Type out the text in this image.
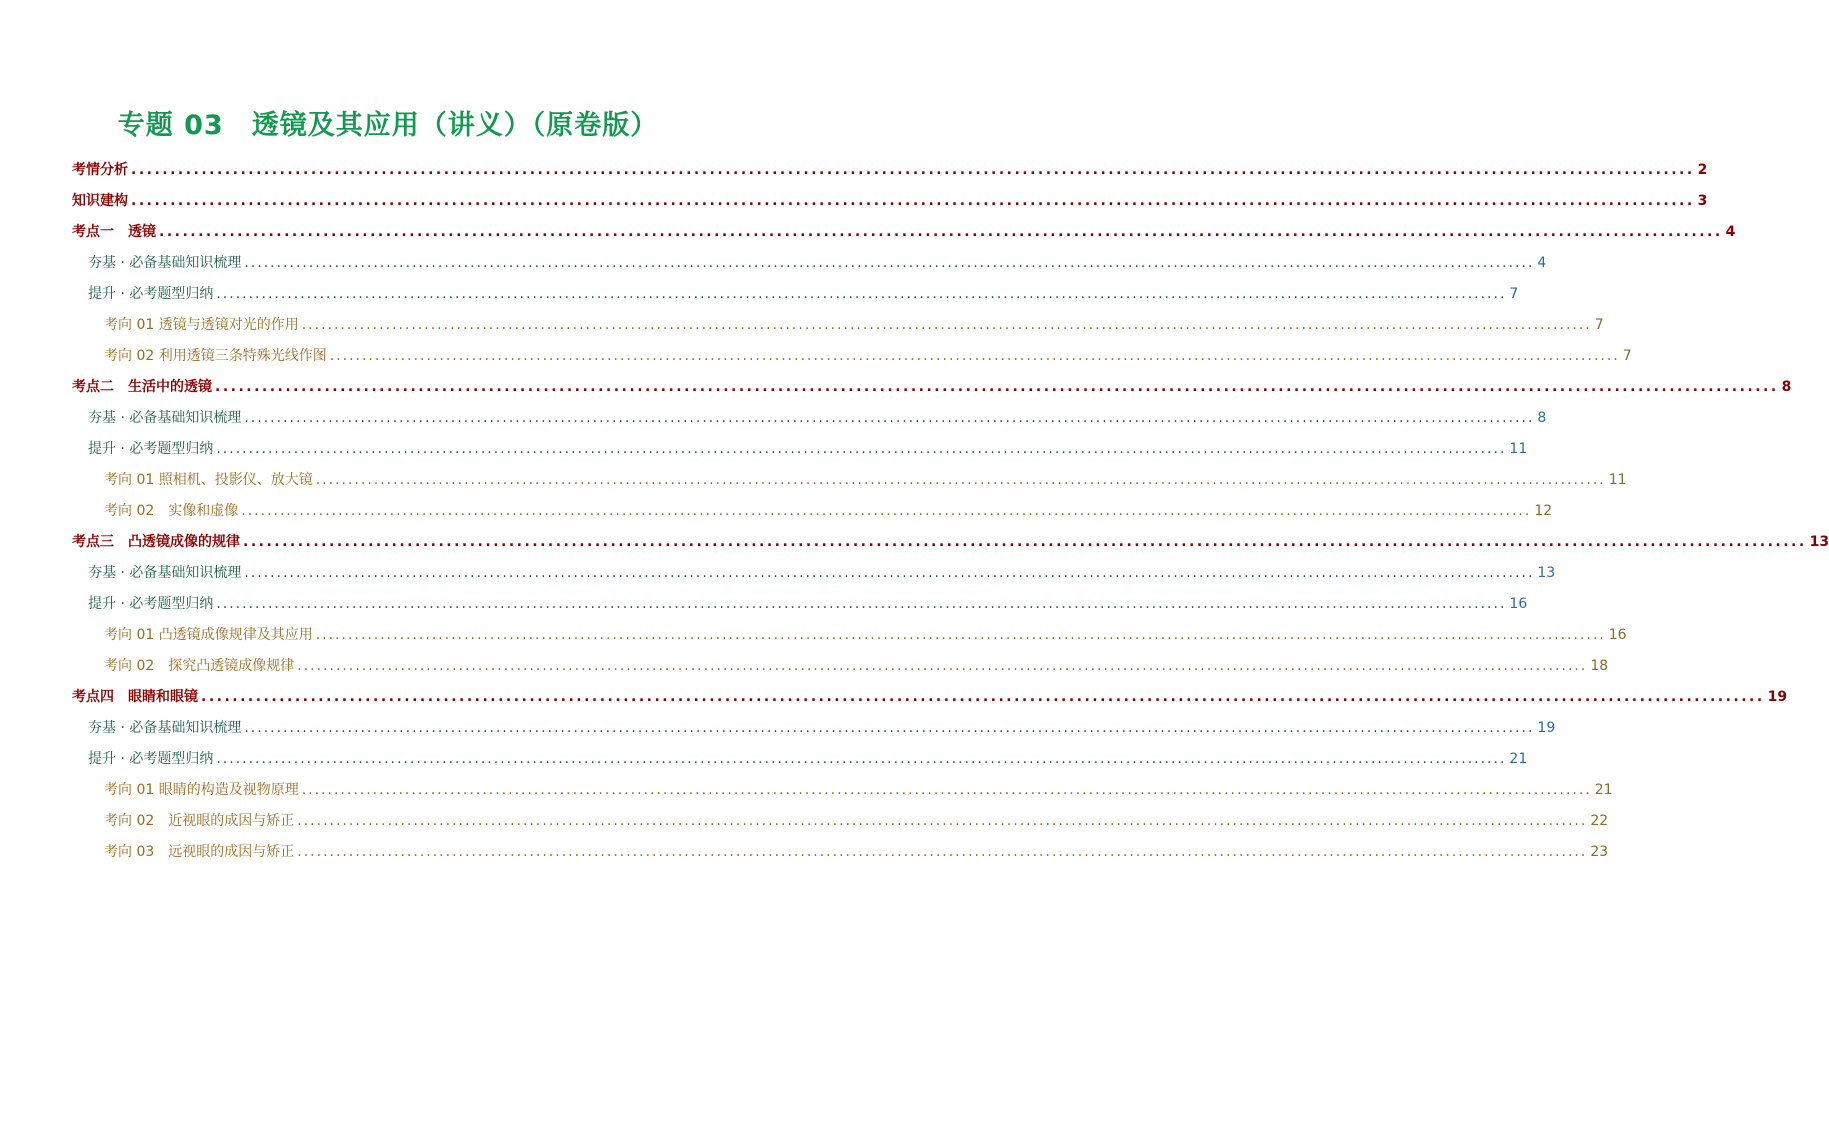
专题 03　透镜及其应用（讲义）（原卷版）
考情分析 ........................................................................................................................................................................................................ 2
知识建构 ........................................................................................................................................................................................................ 3
考点一　透镜 ........................................................................................................................................................................................................ 4
夯基 · 必备基础知识梳理 ........................................................................................................................................................................................................ 4
提升 · 必考题型归纳 ........................................................................................................................................................................................................ 7
考向 01 透镜与透镜对光的作用 ........................................................................................................................................................................................................ 7
考向 02 利用透镜三条特殊光线作图 ........................................................................................................................................................................................................ 7
考点二　生活中的透镜 ........................................................................................................................................................................................................ 8
夯基 · 必备基础知识梳理 ........................................................................................................................................................................................................ 8
提升 · 必考题型归纳 ........................................................................................................................................................................................................ 11
考向 01 照相机、投影仪、放大镜 ........................................................................................................................................................................................................ 11
考向 02　实像和虚像 ........................................................................................................................................................................................................ 12
考点三　凸透镜成像的规律 ........................................................................................................................................................................................................ 13
夯基 · 必备基础知识梳理 ........................................................................................................................................................................................................ 13
提升 · 必考题型归纳 ........................................................................................................................................................................................................ 16
考向 01 凸透镜成像规律及其应用 ........................................................................................................................................................................................................ 16
考向 02　探究凸透镜成像规律 ........................................................................................................................................................................................................ 18
考点四　眼睛和眼镜 ........................................................................................................................................................................................................ 19
夯基 · 必备基础知识梳理 ........................................................................................................................................................................................................ 19
提升 · 必考题型归纳 ........................................................................................................................................................................................................ 21
考向 01 眼睛的构造及视物原理 ........................................................................................................................................................................................................ 21
考向 02　近视眼的成因与矫正 ........................................................................................................................................................................................................ 22
考向 03　远视眼的成因与矫正 ........................................................................................................................................................................................................ 23
